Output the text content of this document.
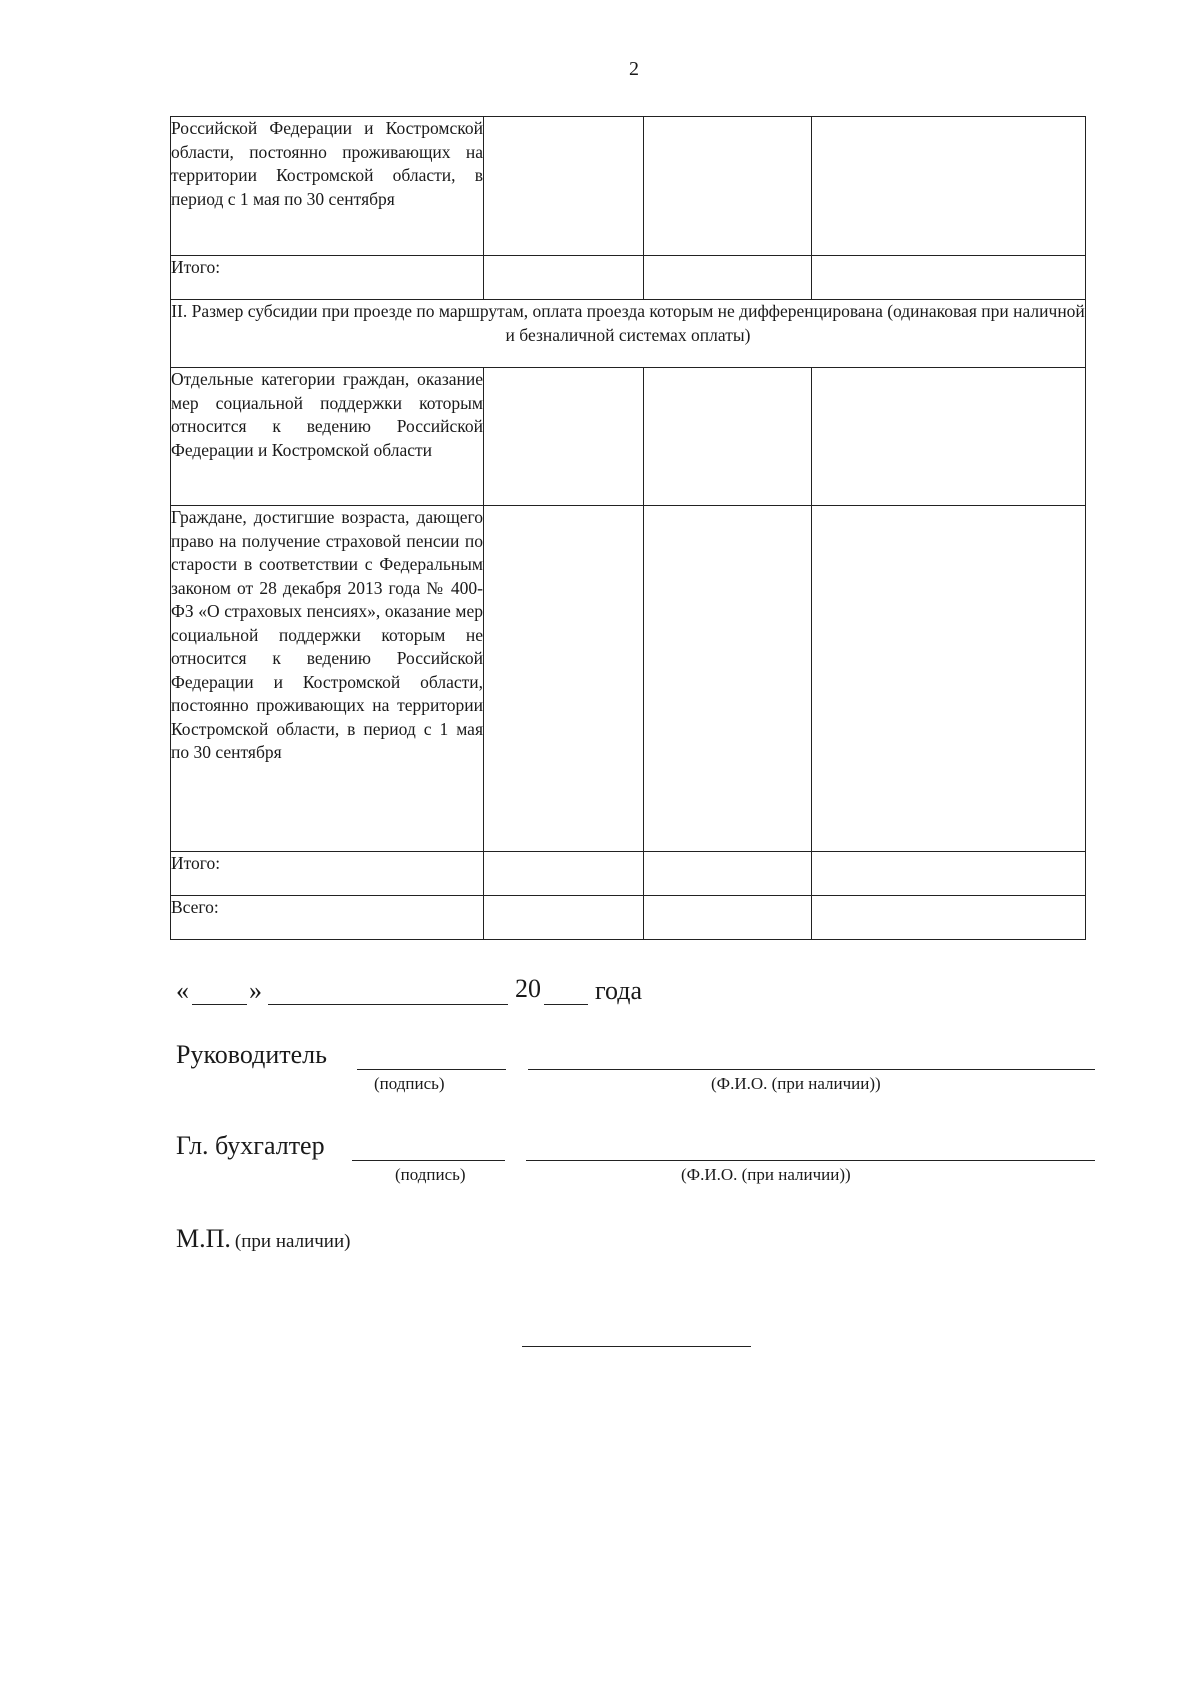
2
Российской Федерации и Костромской области, постоянно проживающих на территории Костромской области, в период с 1 мая по 30 сентября			
Итого:			
II. Размер субсидии при проезде по маршрутам, оплата проезда которым не дифференцирована (одинаковая при наличной и безналичной системах оплаты)			
Отдельные категории граждан, оказание мер социальной поддержки которым относится к ведению Российской Федерации и Костромской области			
Граждане, достигшие возраста, дающего право на получение страховой пенсии по старости в соответствии с Федеральным законом от 28 декабря 2013 года № 400-ФЗ «О страховых пенсиях», оказание мер социальной поддержки которым не относится к ведению Российской Федерации и Костромской области, постоянно проживающих на территории Костромской области, в период с 1 мая по 30 сентября			
Итого:			
Всего:			
« »	20 года
Руководитель
(подпись)	(Ф.И.О. (при наличии))
Гл. бухгалтер
(подпись)	(Ф.И.О. (при наличии))
М.П. (при наличии)
